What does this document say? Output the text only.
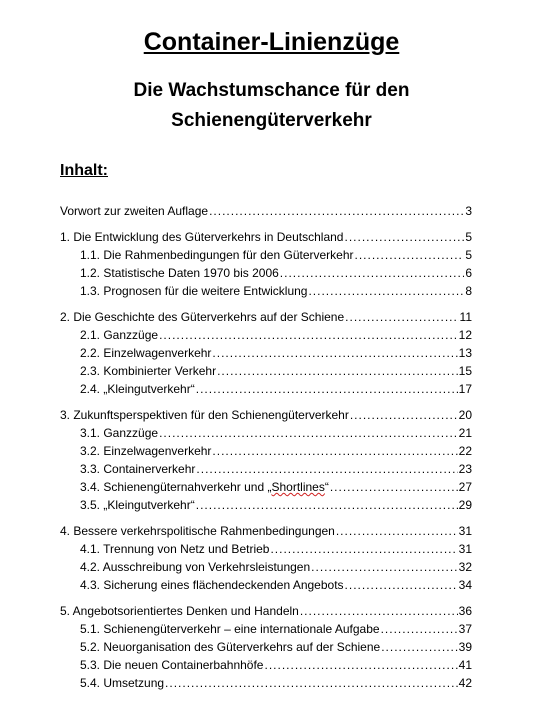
Container-Linienzüge
Die Wachstumschance für den
Schienengüterverkehr
Inhalt:
Vorwort zur zweiten Auflage .....	3
1. Die Entwicklung des Güterverkehrs in Deutschland .....	5
1.1. Die Rahmenbedingungen für den Güterverkehr .....	5
1.2. Statistische Daten 1970 bis 2006 .....	6
1.3. Prognosen für die weitere Entwicklung .....	8
2. Die Geschichte des Güterverkehrs auf der Schiene .....	11
2.1. Ganzzüge .....	12
2.2. Einzelwagenverkehr .....	13
2.3. Kombinierter Verkehr .....	15
2.4. „Kleingutverkehr“ .....	17
3. Zukunftsperspektiven für den Schienengüterverkehr .....	20
3.1. Ganzzüge .....	21
3.2. Einzelwagenverkehr .....	22
3.3. Containerverkehr .....	23
3.4. Schienengüternahverkehr und „Shortlines“ .....	27
3.5. „Kleingutverkehr“ .....	29
4. Bessere verkehrspolitische Rahmenbedingungen .....	31
4.1. Trennung von Netz und Betrieb .....	31
4.2. Ausschreibung von Verkehrsleistungen .....	32
4.3. Sicherung eines flächendeckenden Angebots .....	34
5. Angebotsorientiertes Denken und Handeln .....	36
5.1. Schienengüterverkehr – eine internationale Aufgabe .....	37
5.2. Neuorganisation des Güterverkehrs auf der Schiene .....	39
5.3. Die neuen Containerbahnhöfe .....	41
5.4. Umsetzung .....	42
